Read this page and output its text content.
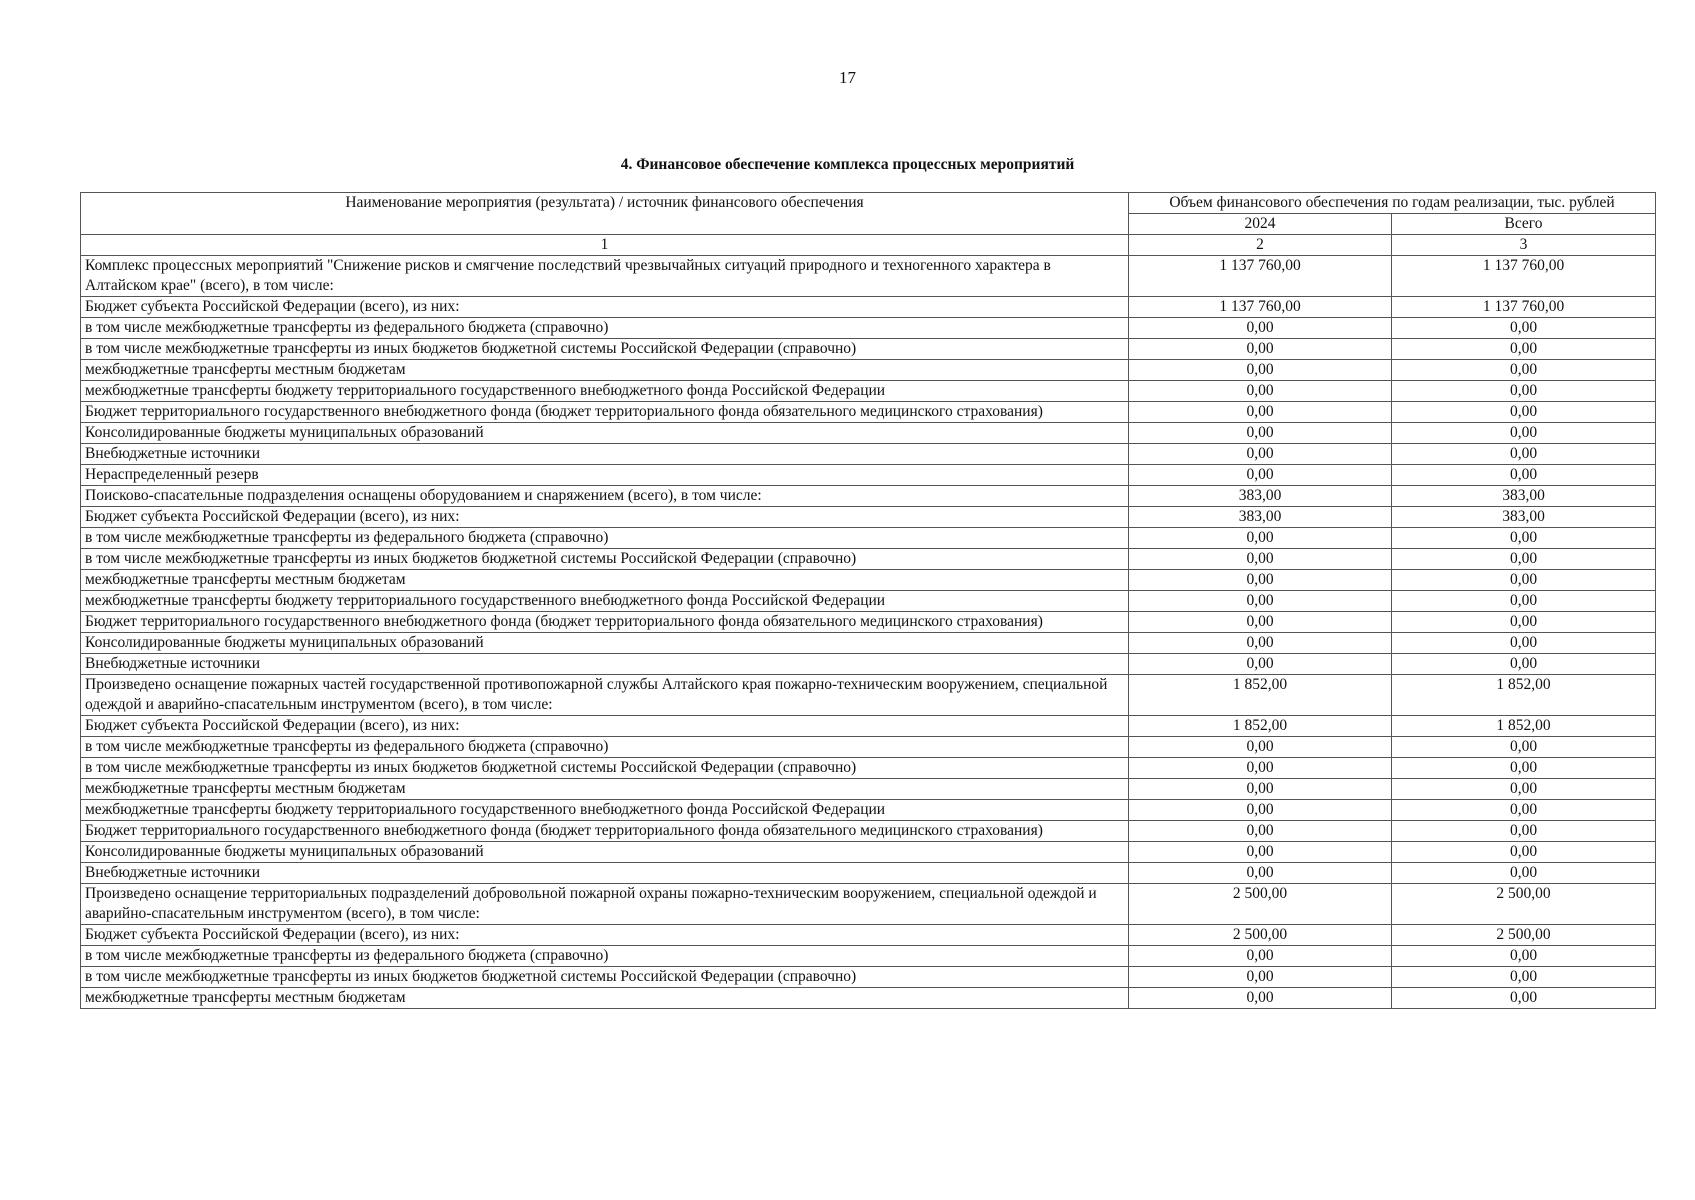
17
4. Финансовое обеспечение комплекса процессных мероприятий
Наименование мероприятия (результата) / источник финансового обеспечения	Объем финансового обеспечения по годам реализации, тыс. рублей	
	2024	Всего
1	2	3
Комплекс процессных мероприятий "Снижение рисков и смягчение последствий чрезвычайных ситуаций природного и техногенного характера в Алтайском крае" (всего), в том числе:	1 137 760,00	1 137 760,00
Бюджет субъекта Российской Федерации (всего), из них:	1 137 760,00	1 137 760,00
в том числе межбюджетные трансферты из федерального бюджета (справочно)	0,00	0,00
в том числе межбюджетные трансферты из иных бюджетов бюджетной системы Российской Федерации (справочно)	0,00	0,00
межбюджетные трансферты местным бюджетам	0,00	0,00
межбюджетные трансферты бюджету территориального государственного внебюджетного фонда Российской Федерации	0,00	0,00
Бюджет территориального государственного внебюджетного фонда (бюджет территориального фонда обязательного медицинского страхования)	0,00	0,00
Консолидированные бюджеты муниципальных образований	0,00	0,00
Внебюджетные источники	0,00	0,00
Нераспределенный резерв	0,00	0,00
Поисково-спасательные подразделения оснащены оборудованием и снаряжением (всего), в том числе:	383,00	383,00
Бюджет субъекта Российской Федерации (всего), из них:	383,00	383,00
в том числе межбюджетные трансферты из федерального бюджета (справочно)	0,00	0,00
в том числе межбюджетные трансферты из иных бюджетов бюджетной системы Российской Федерации (справочно)	0,00	0,00
межбюджетные трансферты местным бюджетам	0,00	0,00
межбюджетные трансферты бюджету территориального государственного внебюджетного фонда Российской Федерации	0,00	0,00
Бюджет территориального государственного внебюджетного фонда (бюджет территориального фонда обязательного медицинского страхования)	0,00	0,00
Консолидированные бюджеты муниципальных образований	0,00	0,00
Внебюджетные источники	0,00	0,00
Произведено оснащение пожарных частей государственной противопожарной службы Алтайского края пожарно-техническим вооружением, специальной одеждой и аварийно-спасательным инструментом (всего), в том числе:	1 852,00	1 852,00
Бюджет субъекта Российской Федерации (всего), из них:	1 852,00	1 852,00
в том числе межбюджетные трансферты из федерального бюджета (справочно)	0,00	0,00
в том числе межбюджетные трансферты из иных бюджетов бюджетной системы Российской Федерации (справочно)	0,00	0,00
межбюджетные трансферты местным бюджетам	0,00	0,00
межбюджетные трансферты бюджету территориального государственного внебюджетного фонда Российской Федерации	0,00	0,00
Бюджет территориального государственного внебюджетного фонда (бюджет территориального фонда обязательного медицинского страхования)	0,00	0,00
Консолидированные бюджеты муниципальных образований	0,00	0,00
Внебюджетные источники	0,00	0,00
Произведено оснащение территориальных подразделений добровольной пожарной охраны пожарно-техническим вооружением, специальной одеждой и аварийно-спасательным инструментом (всего), в том числе:	2 500,00	2 500,00
Бюджет субъекта Российской Федерации (всего), из них:	2 500,00	2 500,00
в том числе межбюджетные трансферты из федерального бюджета (справочно)	0,00	0,00
в том числе межбюджетные трансферты из иных бюджетов бюджетной системы Российской Федерации (справочно)	0,00	0,00
межбюджетные трансферты местным бюджетам	0,00	0,00
